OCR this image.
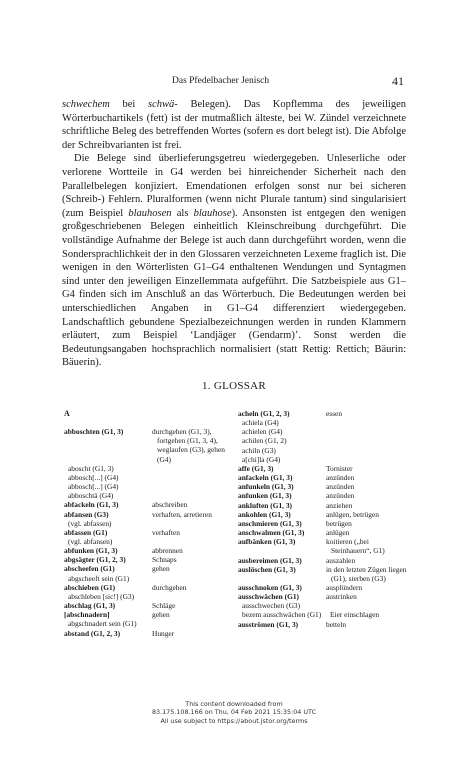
Das Pfedelbacher Jenisch	41

schwechem bei schwä- Belegen). Das Kopflemma des jeweiligen Wörterbuchartikels (fett) ist der mutmaßlich älteste, bei W. Zündel verzeichnete schriftliche Beleg des betreffenden Wortes (sofern es dort belegt ist). Die Abfolge der Schreibvarianten ist frei.

Die Belege sind überlieferungsgetreu wiedergegeben. Unleserliche oder verlorene Wortteile in G4 werden bei hinreichender Sicherheit nach den Parallelbelegen konjiziert. Emendationen erfolgen sonst nur bei sicheren (Schreib-) Fehlern. Pluralformen (wenn nicht Plurale tantum) sind singularisiert (zum Beispiel blauhosen als blauhose). Ansonsten ist entgegen den wenigen großgeschriebenen Belegen einheitlich Kleinschreibung durchgeführt. Die vollständige Aufnahme der Belege ist auch dann durchgeführt worden, wenn die Sondersprachlichkeit der in den Glossaren verzeichneten Lexeme fraglich ist. Die wenigen in den Wörterlisten G1–G4 enthaltenen Wendungen und Syntagmen sind unter den jeweiligen Einzellemmata aufgeführt. Die Satzbeispiele aus G1–G4 finden sich im Anschluß an das Wörterbuch. Die Bedeutungen werden bei unterschiedlichen Angaben in G1–G4 differenziert wiedergegeben. Landschaftlich gebundene Spezialbezeichnungen werden in runden Klammern erläutert, zum Beispiel ‘Landjäger (Gendarm)’. Sonst werden die Bedeutungsangaben hochsprachlich normalisiert (statt Rettig: Rettich; Bäurin: Bäuerin).

1. GLOSSAR
A
abboschten (G1, 3)	durchgehen (G1, 3), fortgehen (G1, 3, 4), weglaufen (G3), gehen (G4)
aboscht (G1, 3)
abbosch[...] (G4)
abbosch[...] (G4)
abboschtä (G4)
abfackeln (G1, 3)	abschreiben
abfansen (G3)	verhaften, arretieren
(vgl. abfassen)
abfassen (G1)	verhaften
(vgl. abfansen)
abfunken (G1, 3)	abbrennen
abgsägter (G1, 2, 3)	Schnaps
abscheefen (G1)	gehen
abgscheeft sein (G1)
abschieben (G1)	durchgehen
abschleben [sic!] (G3)
abschlag (G1, 3)	Schläge
[abschnadern]	gehen
abgschnadert sein (G1)
abstand (G1, 2, 3)	Hunger
acheln (G1, 2, 3)	essen
achiela (G4)
achielen (G4)
achilen (G1, 2)
achiln (G3)
a[chi]la (G4)
affe (G1, 3)	Tornister
anfackeln (G1, 3)	anzünden
anfunkeln (G1, 3)	anzünden
anfunken (G1, 3)	anzünden
ankluften (G1, 3)	anziehen
ankohlen (G1, 3)	anlügen, betrügen
anschmieren (G1, 3)	betrügen
anschwalmen (G1, 3)	anlügen
aufbänken (G1, 3)	koitieren („bei Steinhauern“, G1)
ausbereimen (G1, 3)	auszahlen
auslöschen (G1, 3)	in den letzten Zügen liegen (G1), sterben (G3)
ausschnoken (G1, 3)	ausplündern
ausschwächen (G1)	austrinken
ausschwechen (G3)
bezem ausschwächen (G1)	Eier einschlagen
ausströmen (G1, 3)	betteln
This content downloaded from
83.175.108.166 on Thu, 04 Feb 2021 15:35:04 UTC
All use subject to https://about.jstor.org/terms
